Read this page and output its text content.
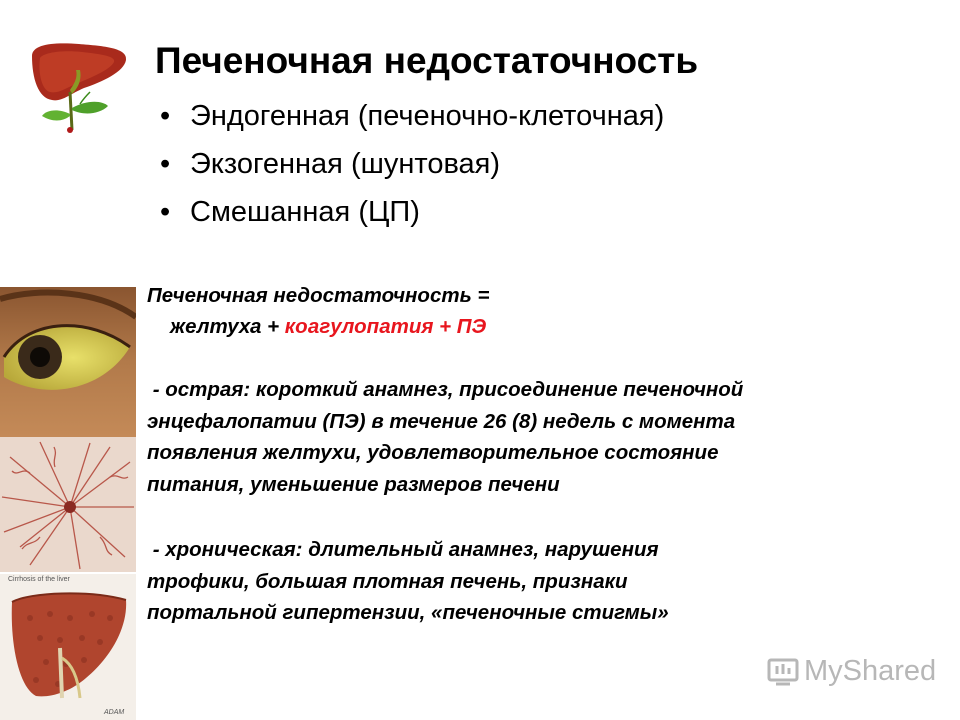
Печеночная недостаточность
• Эндогенная (печеночно-клеточная)
• Экзогенная (шунтовая)
• Смешанная (ЦП)
Cirrhosis of the liver
ADAM
Печеночная недостаточность =
желтуха + коагулопатия + ПЭ
- острая: короткий анамнез, присоединение печеночной
энцефалопатии (ПЭ) в течение 26 (8) недель с момента
появления желтухи, удовлетворительное состояние
питания, уменьшение размеров печени
- хроническая: длительный анамнез, нарушения
трофики, большая плотная печень, признаки
портальной гипертензии, «печеночные стигмы»
MyShared
